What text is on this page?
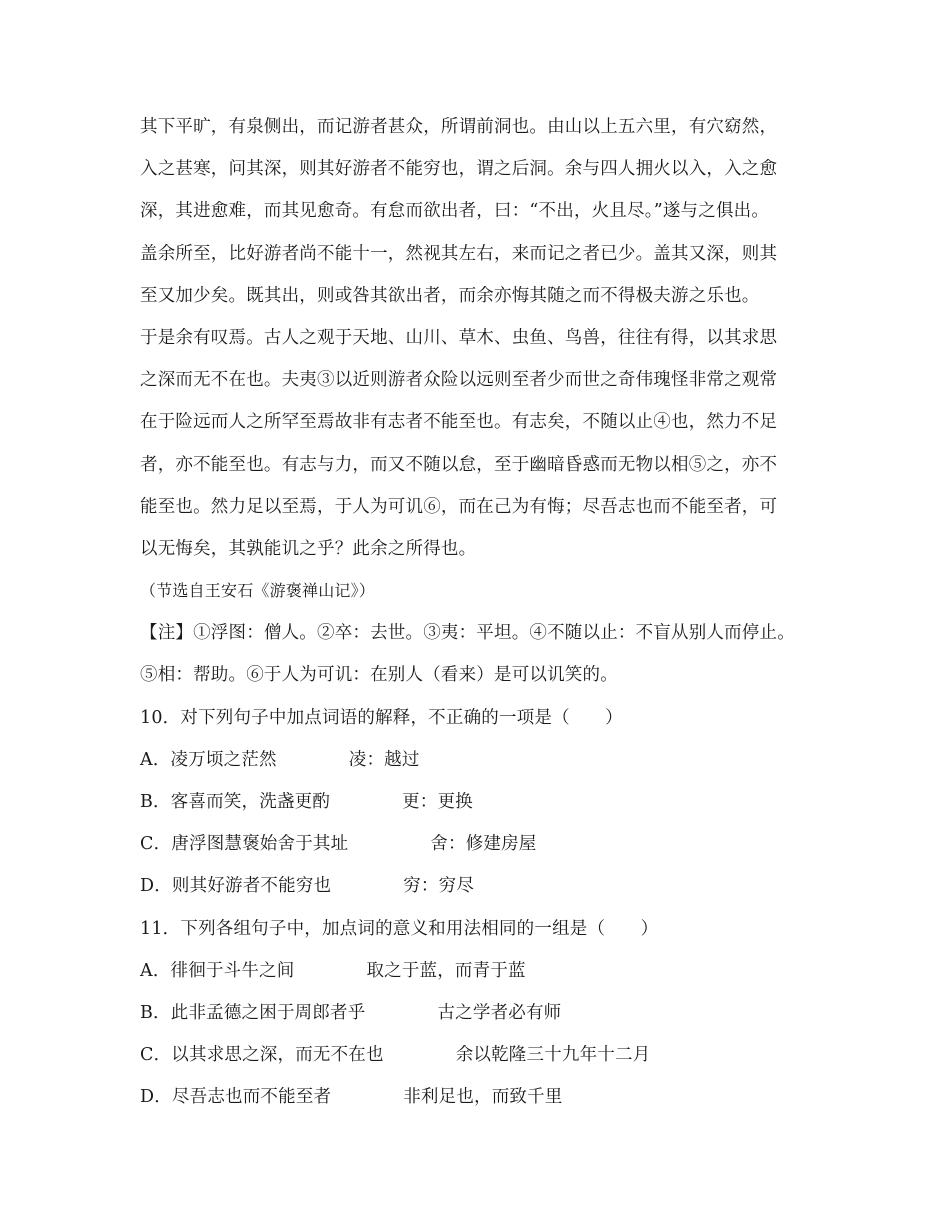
其下平旷，有泉侧出，而记游者甚众，所谓前洞也。由山以上五六里，有穴窈然，
入之甚寒，问其深，则其好游者不能穷也，谓之后洞。余与四人拥火以入，入之愈
深，其进愈难，而其见愈奇。有怠而欲出者，曰：“不出，火且尽。”遂与之俱出。
盖余所至，比好游者尚不能十一，然视其左右，来而记之者已少。盖其又深，则其
至又加少矣。既其出，则或咎其欲出者，而余亦悔其随之而不得极夫游之乐也。
于是余有叹焉。古人之观于天地、山川、草木、虫鱼、鸟兽，往往有得，以其求思
之深而无不在也。夫夷③以近则游者众险以远则至者少而世之奇伟瑰怪非常之观常
在于险远而人之所罕至焉故非有志者不能至也。有志矣，不随以止④也，然力不足
者，亦不能至也。有志与力，而又不随以怠，至于幽暗昏惑而无物以相⑤之，亦不
能至也。然力足以至焉，于人为可讥⑥，而在己为有悔；尽吾志也而不能至者，可
以无悔矣，其孰能讥之乎？此余之所得也。
（节选自王安石《游褒禅山记》）
【注】①浮图：僧人。②卒：去世。③夷：平坦。④不随以止：不盲从别人而停止。
⑤相：帮助。⑥于人为可讥：在别人（看来）是可以讥笑的。
10．对下列句子中加点词语的解释，不正确的一项是（　　）
A．凌万顷之茫然	凌：越过
B．客喜而笑，洗盏更酌	更：更换
C．唐浮图慧褒始舍于其址	舍：修建房屋
D．则其好游者不能穷也	穷：穷尽
11．下列各组句子中，加点词的意义和用法相同的一组是（　　）
A．徘徊于斗牛之间	取之于蓝，而青于蓝
B．此非孟德之困于周郎者乎	古之学者必有师
C．以其求思之深，而无不在也	余以乾隆三十九年十二月
D．尽吾志也而不能至者	非利足也，而致千里
